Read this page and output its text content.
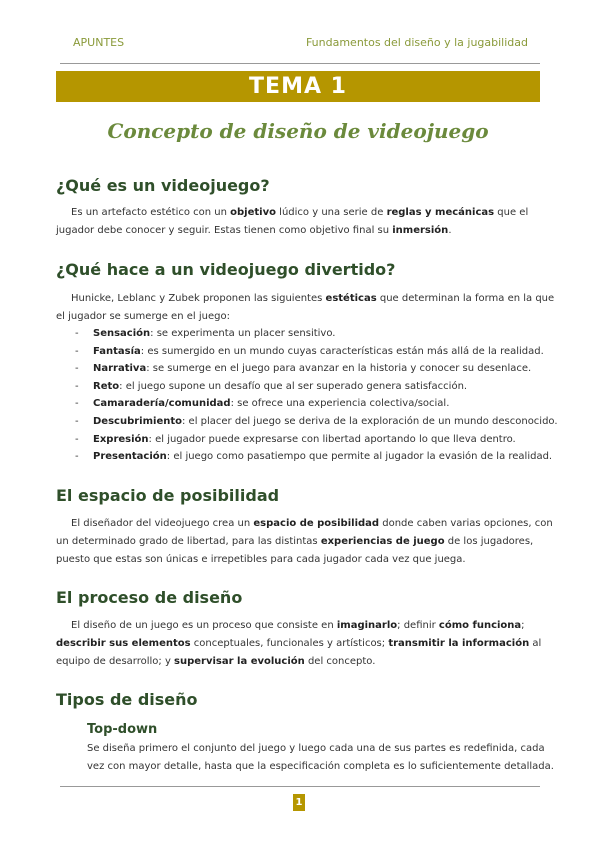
APUNTES	Fundamentos del diseño y la jugabilidad
TEMA 1
Concepto de diseño de videojuego
¿Qué es un videojuego?
Es un artefacto estético con un objetivo lúdico y una serie de reglas y mecánicas que el
jugador debe conocer y seguir. Estas tienen como objetivo final su inmersión.
¿Qué hace a un videojuego divertido?
Hunicke, Leblanc y Zubek proponen las siguientes estéticas que determinan la forma en la que
el jugador se sumerge en el juego:
- Sensación: se experimenta un placer sensitivo.
- Fantasía: es sumergido en un mundo cuyas características están más allá de la realidad.
- Narrativa: se sumerge en el juego para avanzar en la historia y conocer su desenlace.
- Reto: el juego supone un desafío que al ser superado genera satisfacción.
- Camaradería/comunidad: se ofrece una experiencia colectiva/social.
- Descubrimiento: el placer del juego se deriva de la exploración de un mundo desconocido.
- Expresión: el jugador puede expresarse con libertad aportando lo que lleva dentro.
- Presentación: el juego como pasatiempo que permite al jugador la evasión de la realidad.
El espacio de posibilidad
El diseñador del videojuego crea un espacio de posibilidad donde caben varias opciones, con
un determinado grado de libertad, para las distintas experiencias de juego de los jugadores,
puesto que estas son únicas e irrepetibles para cada jugador cada vez que juega.
El proceso de diseño
El diseño de un juego es un proceso que consiste en imaginarlo; definir cómo funciona;
describir sus elementos conceptuales, funcionales y artísticos; transmitir la información al
equipo de desarrollo; y supervisar la evolución del concepto.
Tipos de diseño
Top-down
Se diseña primero el conjunto del juego y luego cada una de sus partes es redefinida, cada
vez con mayor detalle, hasta que la especificación completa es lo suficientemente detallada.
1
